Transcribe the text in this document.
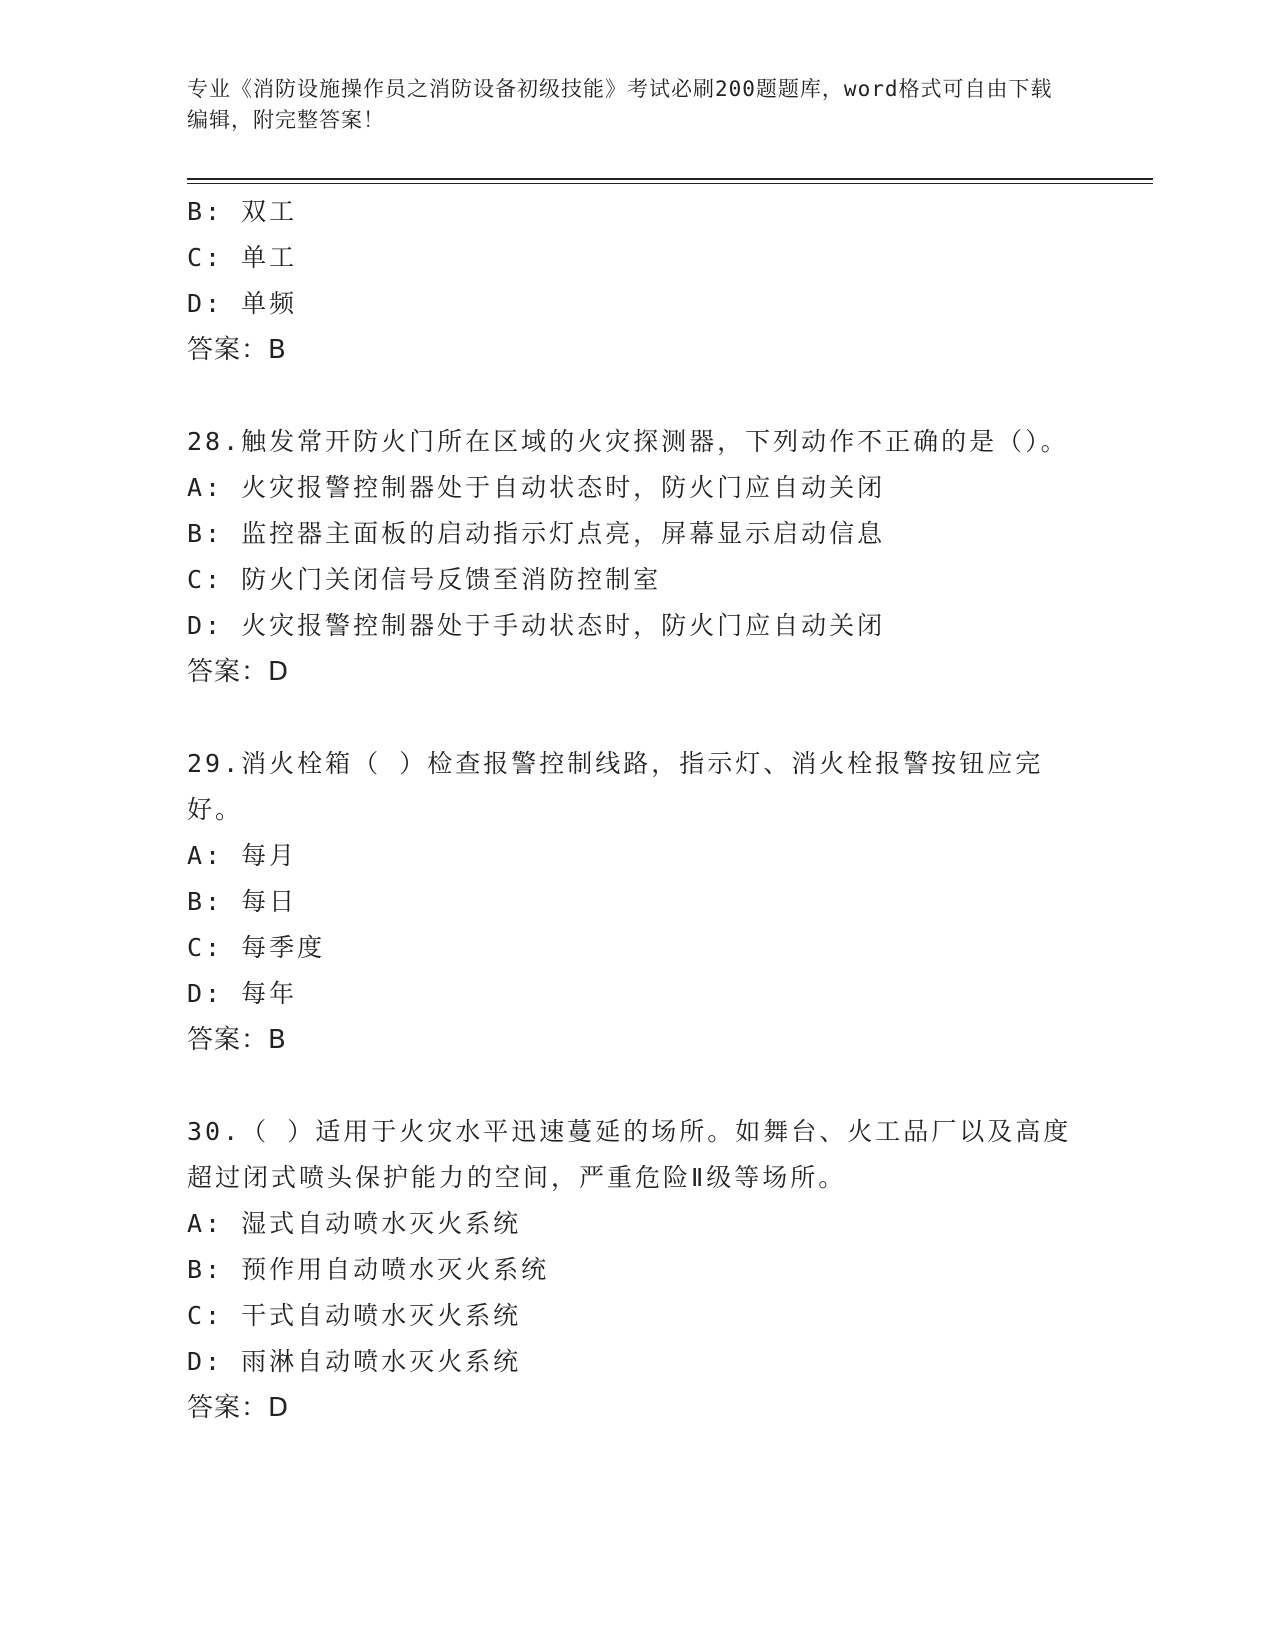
专业《消防设施操作员之消防设备初级技能》考试必刷200题题库，word格式可自由下载编辑，附完整答案！
B: 双工
C: 单工
D: 单频
答案：B
28.触发常开防火门所在区域的火灾探测器，下列动作不正确的是（）。
A: 火灾报警控制器处于自动状态时，防火门应自动关闭
B: 监控器主面板的启动指示灯点亮，屏幕显示启动信息
C: 防火门关闭信号反馈至消防控制室
D: 火灾报警控制器处于手动状态时，防火门应自动关闭
答案：D
29.消火栓箱（ ）检查报警控制线路，指示灯、消火栓报警按钮应完好。
A: 每月
B: 每日
C: 每季度
D: 每年
答案：B
30.（ ）适用于火灾水平迅速蔓延的场所。如舞台、火工品厂以及高度超过闭式喷头保护能力的空间，严重危险Ⅱ级等场所。
A: 湿式自动喷水灭火系统
B: 预作用自动喷水灭火系统
C: 干式自动喷水灭火系统
D: 雨淋自动喷水灭火系统
答案：D
